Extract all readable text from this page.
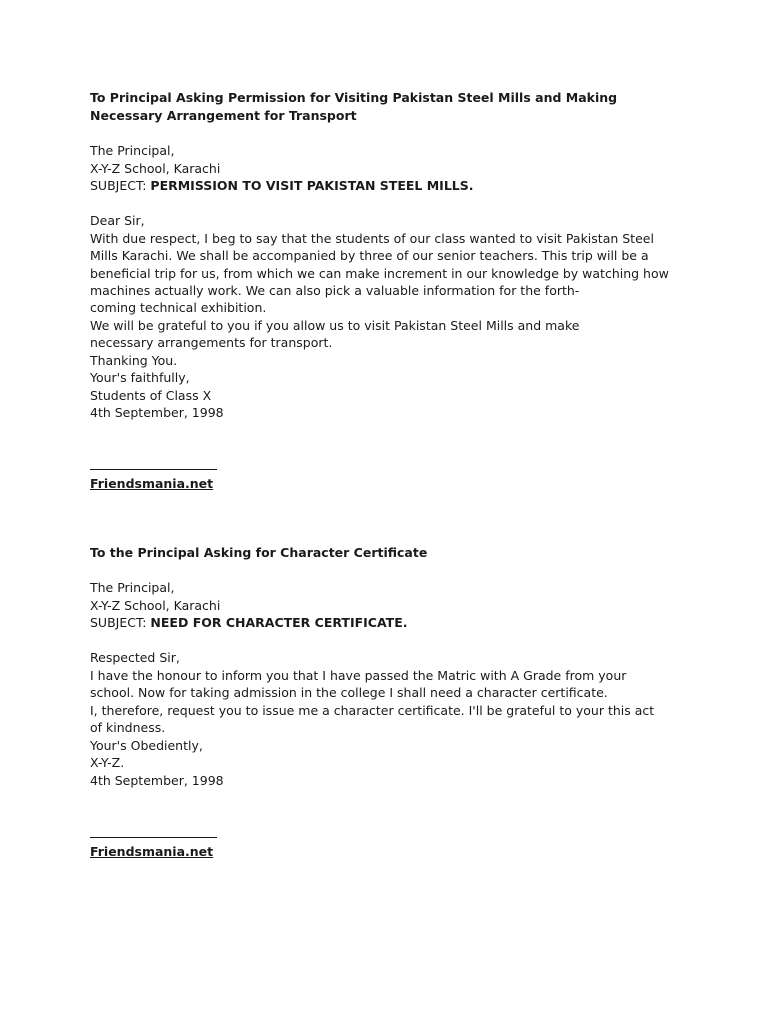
To Principal Asking Permission for Visiting Pakistan Steel Mills and Making
Necessary Arrangement for Transport
The Principal,
X-Y-Z School, Karachi
SUBJECT: PERMISSION TO VISIT PAKISTAN STEEL MILLS.
Dear Sir,
With due respect, I beg to say that the students of our class wanted to visit Pakistan Steel
Mills Karachi. We shall be accompanied by three of our senior teachers. This trip will be a
beneficial trip for us, from which we can make increment in our knowledge by watching how
machines actually work. We can also pick a valuable information for the forth-
coming technical exhibition.
We will be grateful to you if you allow us to visit Pakistan Steel Mills and make
necessary arrangements for transport.
Thanking You.
Your's faithfully,
Students of Class X
4th September, 1998
Friendsmania.net
To the Principal Asking for Character Certificate
The Principal,
X-Y-Z School, Karachi
SUBJECT: NEED FOR CHARACTER CERTIFICATE.
Respected Sir,
I have the honour to inform you that I have passed the Matric with A Grade from your
school. Now for taking admission in the college I shall need a character certificate.
I, therefore, request you to issue me a character certificate. I'll be grateful to your this act
of kindness.
Your's Obediently,
X-Y-Z.
4th September, 1998
Friendsmania.net
